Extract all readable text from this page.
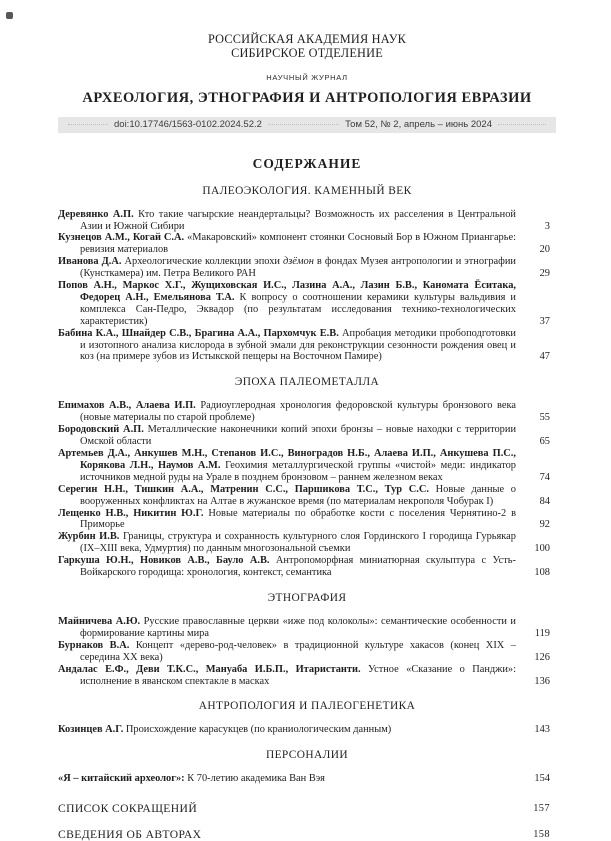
РОССИЙСКАЯ АКАДЕМИЯ НАУК
СИБИРСКОЕ ОТДЕЛЕНИЕ
НАУЧНЫЙ ЖУРНАЛ
АРХЕОЛОГИЯ, ЭТНОГРАФИЯ И АНТРОПОЛОГИЯ ЕВРАЗИИ
doi:10.17746/1563-0102.2024.52.2	Том 52, № 2, апрель – июнь 2024
СОДЕРЖАНИЕ
ПАЛЕОЭКОЛОГИЯ. КАМЕННЫЙ ВЕК
Деревянко А.П. Кто такие чагырские неандертальцы? Возможность их расселения в Центральной Азии и Южной Сибири	3
Кузнецов А.М., Когай С.А. «Макаровский» компонент стоянки Сосновый Бор в Южном Приангарье: ревизия материалов	20
Иванова Д.А. Археологические коллекции эпохи дзёмон в фондах Музея антропологии и этнографии (Кунсткамера) им. Петра Великого РАН	29
Попов А.Н., Маркос Х.Г., Жущиховская И.С., Лазина А.А., Лазин Б.В., Каномата Ёситака, Федорец А.Н., Емельянова Т.А. К вопросу о соотношении керамики культуры вальдивия и комплекса Сан-Педро, Эквадор (по результатам исследования технико-технологических характеристик)	37
Бабина К.А., Шнайдер С.В., Брагина А.А., Пархомчук Е.В. Апробация методики пробоподготовки и изотопного анализа кислорода в зубной эмали для реконструкции сезонности рождения овец и коз (на примере зубов из Истыкской пещеры на Восточном Памире)	47
ЭПОХА ПАЛЕОМЕТАЛЛА
Епимахов А.В., Алаева И.П. Радиоуглеродная хронология федоровской культуры бронзового века (новые материалы по старой проблеме)	55
Бородовский А.П. Металлические наконечники копий эпохи бронзы – новые находки с территории Омской области	65
Артемьев Д.А., Анкушев М.Н., Степанов И.С., Виноградов Н.Б., Алаева И.П., Анкушева П.С., Корякова Л.Н., Наумов А.М. Геохимия металлургической группы «чистой» меди: индикатор источников медной руды на Урале в позднем бронзовом – раннем железном веках	74
Серегин Н.Н., Тишкин А.А., Матренин С.С., Паршикова Т.С., Тур С.С. Новые данные о вооруженных конфликтах на Алтае в жужанское время (по материалам некрополя Чобурак I)	84
Лещенко Н.В., Никитин Ю.Г. Новые материалы по обработке кости с поселения Чернятино-2 в Приморье	92
Журбин И.В. Границы, структура и сохранность культурного слоя Гординского I городища Гурьякар (IX–XIII века, Удмуртия) по данным многозональной съемки	100
Гаркуша Ю.Н., Новиков А.В., Бауло А.В. Антропоморфная миниатюрная скульптура с Усть-Войкарского городища: хронология, контекст, семантика	108
ЭТНОГРАФИЯ
Майничева А.Ю. Русские православные церкви «иже под колоколы»: семантические особенности и формирование картины мира	119
Бурнаков В.А. Концепт «дерево-род-человек» в традиционной культуре хакасов (конец XIX – середина XX века)	126
Андалас Е.Ф., Деви Т.К.С., Мануаба И.Б.П., Итаристанти. Устное «Сказание о Панджи»: исполнение в яванском спектакле в масках	136
АНТРОПОЛОГИЯ И ПАЛЕОГЕНЕТИКА
Козинцев А.Г. Происхождение карасукцев (по краниологическим данным)	143
ПЕРСОНАЛИИ
«Я – китайский археолог»: К 70-летию академика Ван Вэя	154
СПИСОК СОКРАЩЕНИЙ	157
СВЕДЕНИЯ ОБ АВТОРАХ	158
